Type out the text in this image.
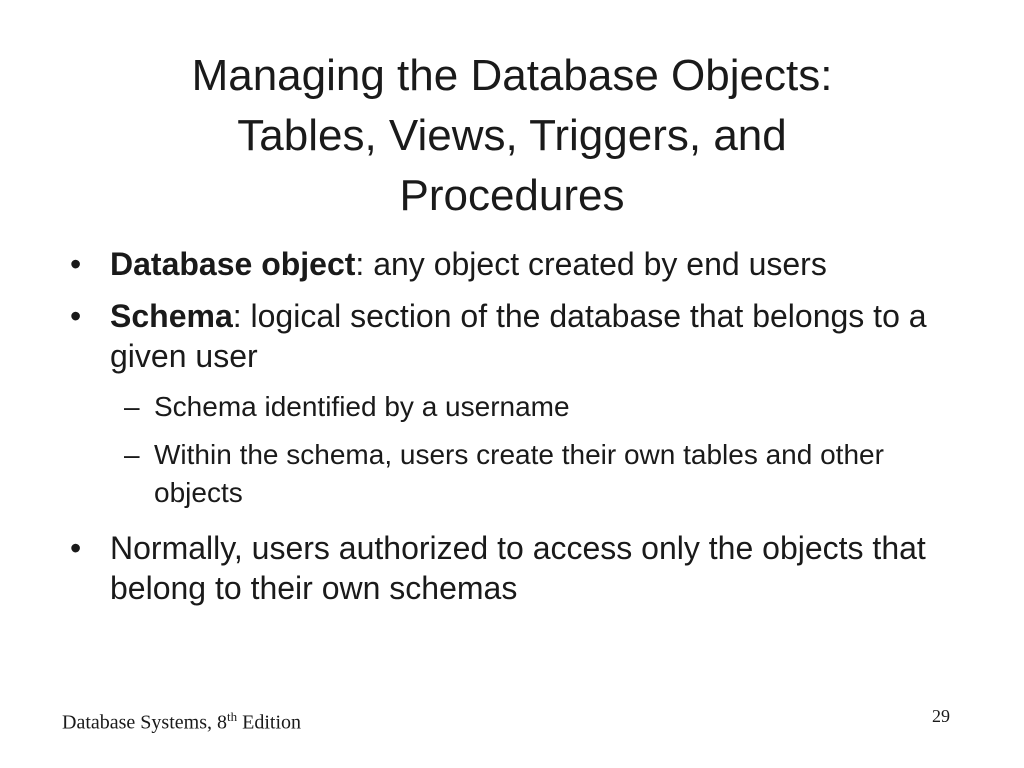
Managing the Database Objects:
Tables, Views, Triggers, and
Procedures
• Database object: any object created by end users
• Schema: logical section of the database that belongs to a given user
– Schema identified by a username
– Within the schema, users create their own tables and other objects
• Normally, users authorized to access only the objects that belong to their own schemas
Database Systems, 8th Edition	29
